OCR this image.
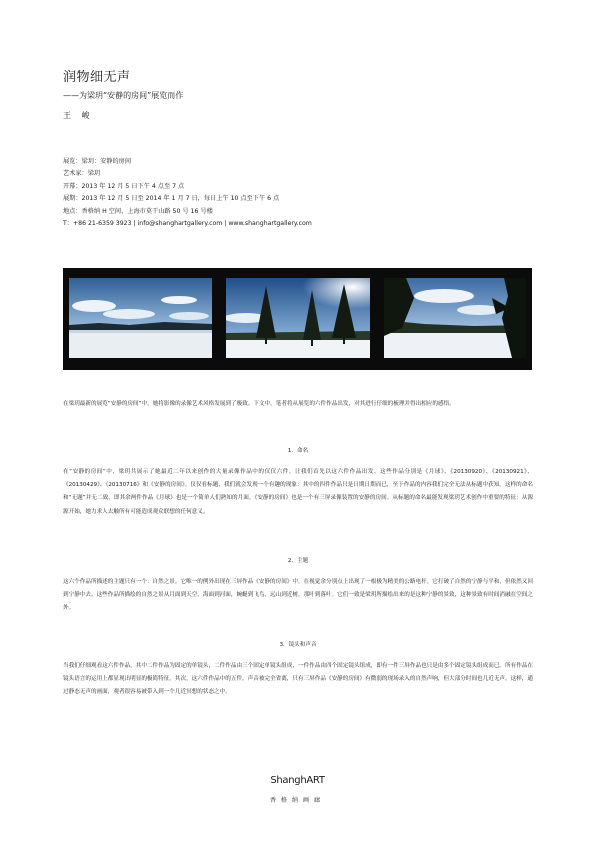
润物细无声
——为梁玥“安静的房间”展览而作
王 峻
展览：梁玥：安静的房间
艺术家：梁玥
开幕：2013 年 12 月 5 日下午 4 点至 7 点
展期：2013 年 12 月 5 日至 2014 年 1 月 7 日，每日上午 10 点至下午 6 点
地点：香格纳 H 空间，上海市莫干山路 50 号 16 号楼
T：+86 21-6359 3923 | info@shanghartgallery.com | www.shanghartgallery.com
在梁玥最新的展览“安静的房间”中，她将影像的录像艺术风格发展到了极致。下文中，笔者将从展览的六件作品出发，对其进行仔细的梳理并得出相应的感悟。
1．命名
在“安静的房间”中，梁玥共展示了她最近二年以来创作的大量录像作品中的仅仅六件。让我们首先以这六件作品出发。这些作品分别是《月球》、《20130920》、《20130921》、《20130429》、《20130716》和《安静的房间》。仅仅看标题，我们就会发现一个有趣的现象：其中的四件作品只是日期日期而已，至于作品的内容我们完全无法从标题中获知。这样的命名和“无题”并无二致，即其余两件作品《月球》也是一个简单人们熟知的月面。《安静的房间》也是一个有三屏录像装置的安静的房间。从标题的命名最能发现梁玥艺术创作中重要的特征：从源源开始，她力求人去触所有可能造成观众联想的任何意义。
2．主题
这六个作品所描述的主题只有一个：自然之景。它唯一的例外出现在三屏作品《安静的房间》中，在视觉余分别点上出现了一根极为精美的公路电杆。它打破了自然的宁静与平和，但依然又回到宁静中去。这些作品所描绘的自然之景从月面到天空，海面到河面，蜿蜒到飞鸟，远山到近树。那叶到落叶。它们一致是梁玥所描绘出来的是这种宁静的景致，这种景致有时间消融在空间之外。
3．镜头和声音
当我们仔细观看这六件作品，其中二件作品为固定的单镜头，二件作品由三个固定单镜头组成，一件作品由四个固定镜头组成，即有一件三屏作品也只是由多个固定镜头组成而已。所有作品在镜头语言的运用上都显现出明显的极简特征。其次，这六件作品中的五件，声音被完全省离，只有三屏作品《安静的房间》有微弱的现场录入的自然声响，但大部分时间也几近无声。这样，通过静态无声的画面，观者很容易被带入到一个几近冥想的状态之中。
ShanghART
香格纳画廊
